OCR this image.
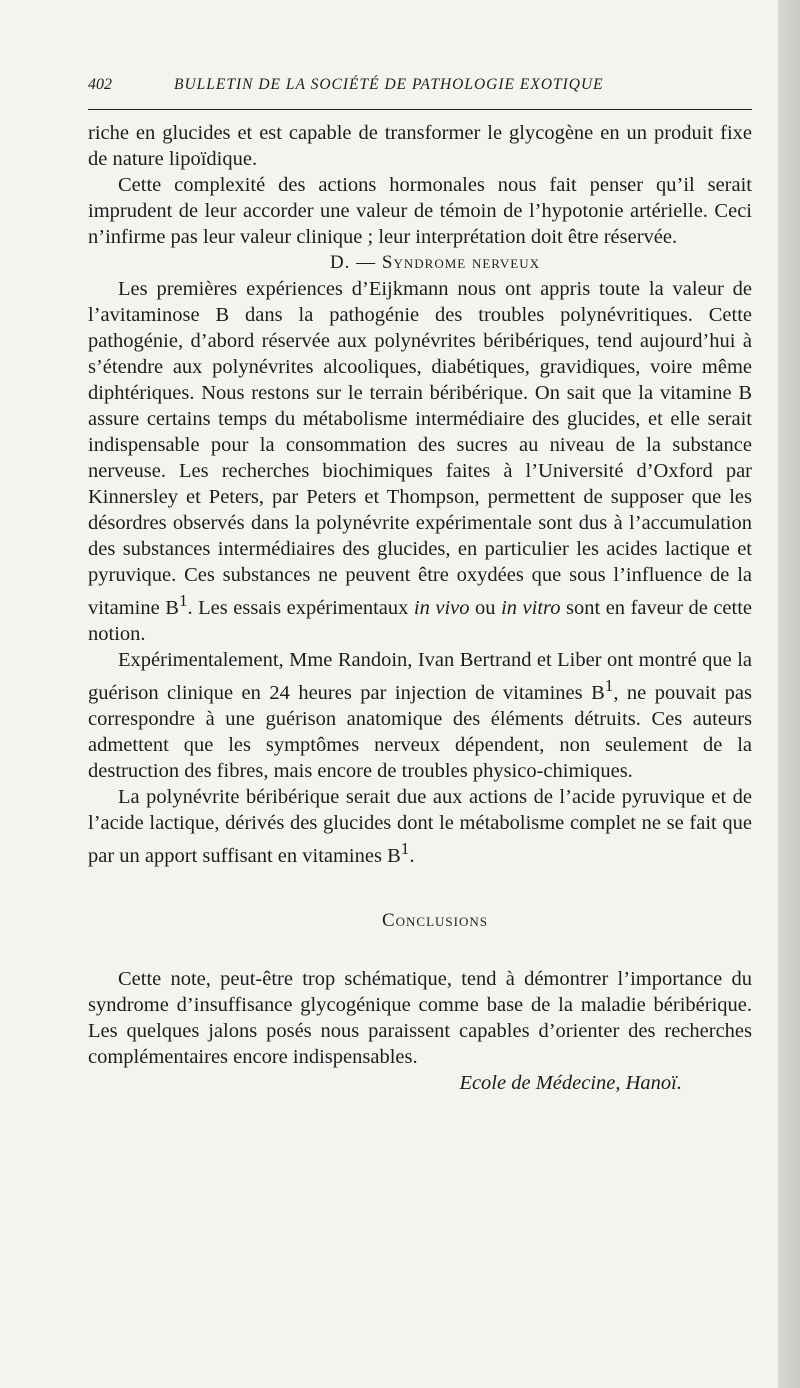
402	BULLETIN DE LA SOCIÉTÉ DE PATHOLOGIE EXOTIQUE

riche en glucides et est capable de transformer le glycogène en un produit fixe de nature lipoïdique.

Cette complexité des actions hormonales nous fait penser qu’il serait imprudent de leur accorder une valeur de témoin de l’hypotonie artérielle. Ceci n’infirme pas leur valeur clinique ; leur interprétation doit être réservée.

D. — Syndrome nerveux

Les premières expériences d’Eijkmann nous ont appris toute la valeur de l’avitaminose B dans la pathogénie des troubles polynévritiques. Cette pathogénie, d’abord réservée aux polynévrites béribériques, tend aujourd’hui à s’étendre aux polynévrites alcooliques, diabétiques, gravidiques, voire même diphtériques. Nous restons sur le terrain béribérique. On sait que la vitamine B assure certains temps du métabolisme intermédiaire des glucides, et elle serait indispensable pour la consommation des sucres au niveau de la substance nerveuse. Les recherches biochimiques faites à l’Université d’Oxford par Kinnersley et Peters, par Peters et Thompson, permettent de supposer que les désordres observés dans la polynévrite expérimentale sont dus à l’accumulation des substances intermédiaires des glucides, en particulier les acides lactique et pyruvique. Ces substances ne peuvent être oxydées que sous l’influence de la vitamine $B^1$. Les essais expérimentaux in vivo ou in vitro sont en faveur de cette notion.

Expérimentalement, Mme Randoin, Ivan Bertrand et Liber ont montré que la guérison clinique en 24 heures par injection de vitamines $B^1$, ne pouvait pas correspondre à une guérison anatomique des éléments détruits. Ces auteurs admettent que les symptômes nerveux dépendent, non seulement de la destruction des fibres, mais encore de troubles physico-chimiques.

La polynévrite béribérique serait due aux actions de l’acide pyruvique et de l’acide lactique, dérivés des glucides dont le métabolisme complet ne se fait que par un apport suffisant en vitamines $B^1$.

Conclusions

Cette note, peut-être trop schématique, tend à démontrer l’importance du syndrome d’insuffisance glycogénique comme base de la maladie béribérique. Les quelques jalons posés nous paraissent capables d’orienter des recherches complémentaires encore indispensables.

Ecole de Médecine, Hanoï.
